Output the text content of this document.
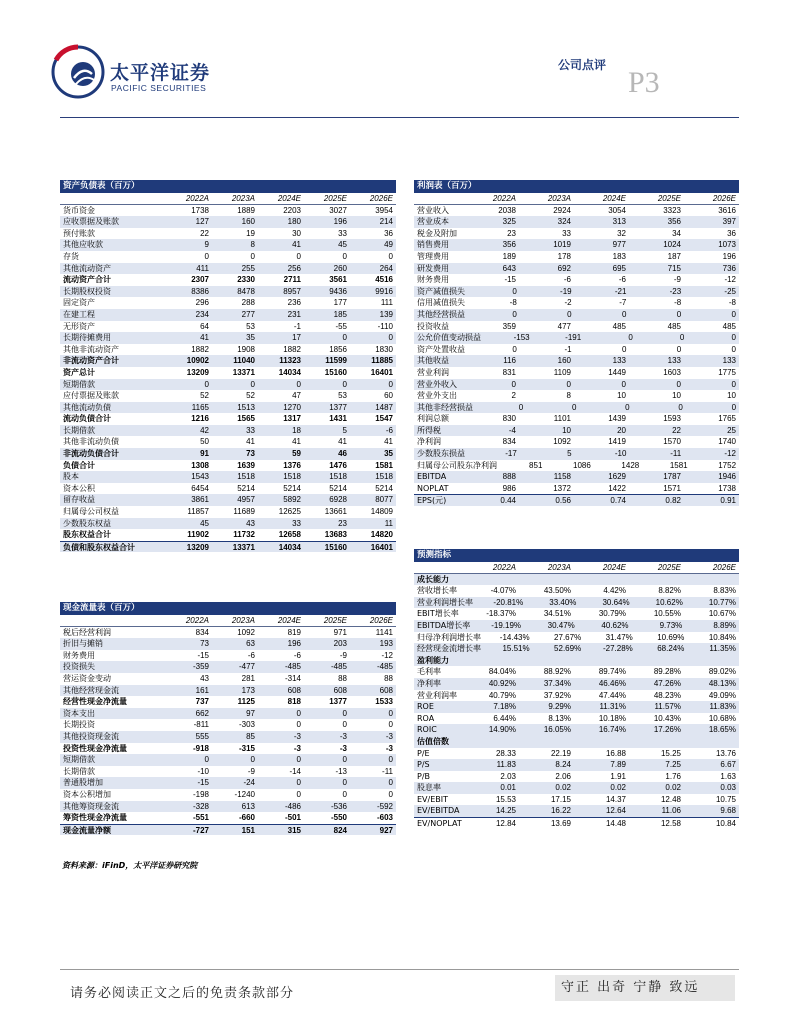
太平洋证券
PACIFIC SECURITIES
公司点评
P3
资产负债表（百万）
2022A	2023A	2024E	2025E	2026E
货币资金	1738	1889	2203	3027	3954
应收票据及账款	127	160	180	196	214
预付账款	22	19	30	33	36
其他应收款	9	8	41	45	49
存货	0	0	0	0	0
其他流动资产	411	255	256	260	264
流动资产合计	2307	2330	2711	3561	4516
长期股权投资	8386	8478	8957	9436	9916
固定资产	296	288	236	177	111
在建工程	234	277	231	185	139
无形资产	64	53	-1	-55	-110
长期待摊费用	41	35	17	0	0
其他非流动资产	1882	1908	1882	1856	1830
非流动资产合计	10902	11040	11323	11599	11885
资产总计	13209	13371	14034	15160	16401
短期借款	0	0	0	0	0
应付票据及账款	52	52	47	53	60
其他流动负债	1165	1513	1270	1377	1487
流动负债合计	1216	1565	1317	1431	1547
长期借款	42	33	18	5	-6
其他非流动负债	50	41	41	41	41
非流动负债合计	91	73	59	46	35
负债合计	1308	1639	1376	1476	1581
股本	1543	1518	1518	1518	1518
资本公积	6454	5214	5214	5214	5214
留存收益	3861	4957	5892	6928	8077
归属母公司权益	11857	11689	12625	13661	14809
少数股东权益	45	43	33	23	11
股东权益合计	11902	11732	12658	13683	14820
负债和股东权益合计	13209	13371	14034	15160	16401
现金流量表（百万）
2022A	2023A	2024E	2025E	2026E
税后经营利润	834	1092	819	971	1141
折旧与摊销	73	63	196	203	193
财务费用	-15	-6	-6	-9	-12
投资损失	-359	-477	-485	-485	-485
营运资金变动	43	281	-314	88	88
其他经营现金流	161	173	608	608	608
经营性现金净流量	737	1125	818	1377	1533
资本支出	662	97	0	0	0
长期投资	-811	-303	0	0	0
其他投资现金流	555	85	-3	-3	-3
投资性现金净流量	-918	-315	-3	-3	-3
短期借款	0	0	0	0	0
长期借款	-10	-9	-14	-13	-11
普通股增加	-15	-24	0	0	0
资本公积增加	-198	-1240	0	0	0
其他筹资现金流	-328	613	-486	-536	-592
筹资性现金净流量	-551	-660	-501	-550	-603
现金流量净额	-727	151	315	824	927
利润表（百万）
2022A	2023A	2024E	2025E	2026E
营业收入	2038	2924	3054	3323	3616
营业成本	325	324	313	356	397
税金及附加	23	33	32	34	36
销售费用	356	1019	977	1024	1073
管理费用	189	178	183	187	196
研发费用	643	692	695	715	736
财务费用	-15	-6	-6	-9	-12
资产减值损失	0	-19	-21	-23	-25
信用减值损失	-8	-2	-7	-8	-8
其他经营损益	0	0	0	0	0
投资收益	359	477	485	485	485
公允价值变动损益	-153	-191	0	0	0
资产处置收益	0	-1	0	0	0
其他收益	116	160	133	133	133
营业利润	831	1109	1449	1603	1775
营业外收入	0	0	0	0	0
营业外支出	2	8	10	10	10
其他非经营损益	0	0	0	0	0
利润总额	830	1101	1439	1593	1765
所得税	-4	10	20	22	25
净利润	834	1092	1419	1570	1740
少数股东损益	-17	5	-10	-11	-12
归属母公司股东净利润	851	1086	1428	1581	1752
EBITDA	888	1158	1629	1787	1946
NOPLAT	986	1372	1422	1571	1738
EPS(元)	0.44	0.56	0.74	0.82	0.91
预测指标
2022A	2023A	2024E	2025E	2026E
成长能力
营收增长率	-4.07%	43.50%	4.42%	8.82%	8.83%
营业利润增长率	-20.81%	33.40%	30.64%	10.62%	10.77%
EBIT增长率	-18.37%	34.51%	30.79%	10.55%	10.67%
EBITDA增长率	-19.19%	30.47%	40.62%	9.73%	8.89%
归母净利润增长率	-14.43%	27.67%	31.47%	10.69%	10.84%
经营现金流增长率	15.51%	52.69%	-27.28%	68.24%	11.35%
盈利能力
毛利率	84.04%	88.92%	89.74%	89.28%	89.02%
净利率	40.92%	37.34%	46.46%	47.26%	48.13%
营业利润率	40.79%	37.92%	47.44%	48.23%	49.09%
ROE	7.18%	9.29%	11.31%	11.57%	11.83%
ROA	6.44%	8.13%	10.18%	10.43%	10.68%
ROIC	14.90%	16.05%	16.74%	17.26%	18.65%
估值倍数
P/E	28.33	22.19	16.88	15.25	13.76
P/S	11.83	8.24	7.89	7.25	6.67
P/B	2.03	2.06	1.91	1.76	1.63
股息率	0.01	0.02	0.02	0.02	0.03
EV/EBIT	15.53	17.15	14.37	12.48	10.75
EV/EBITDA	14.25	16.22	12.64	11.06	9.68
EV/NOPLAT	12.84	13.69	14.48	12.58	10.84
资料来源：iFinD，太平洋证券研究院
请务必阅读正文之后的免责条款部分	守正 出奇 宁静 致远
